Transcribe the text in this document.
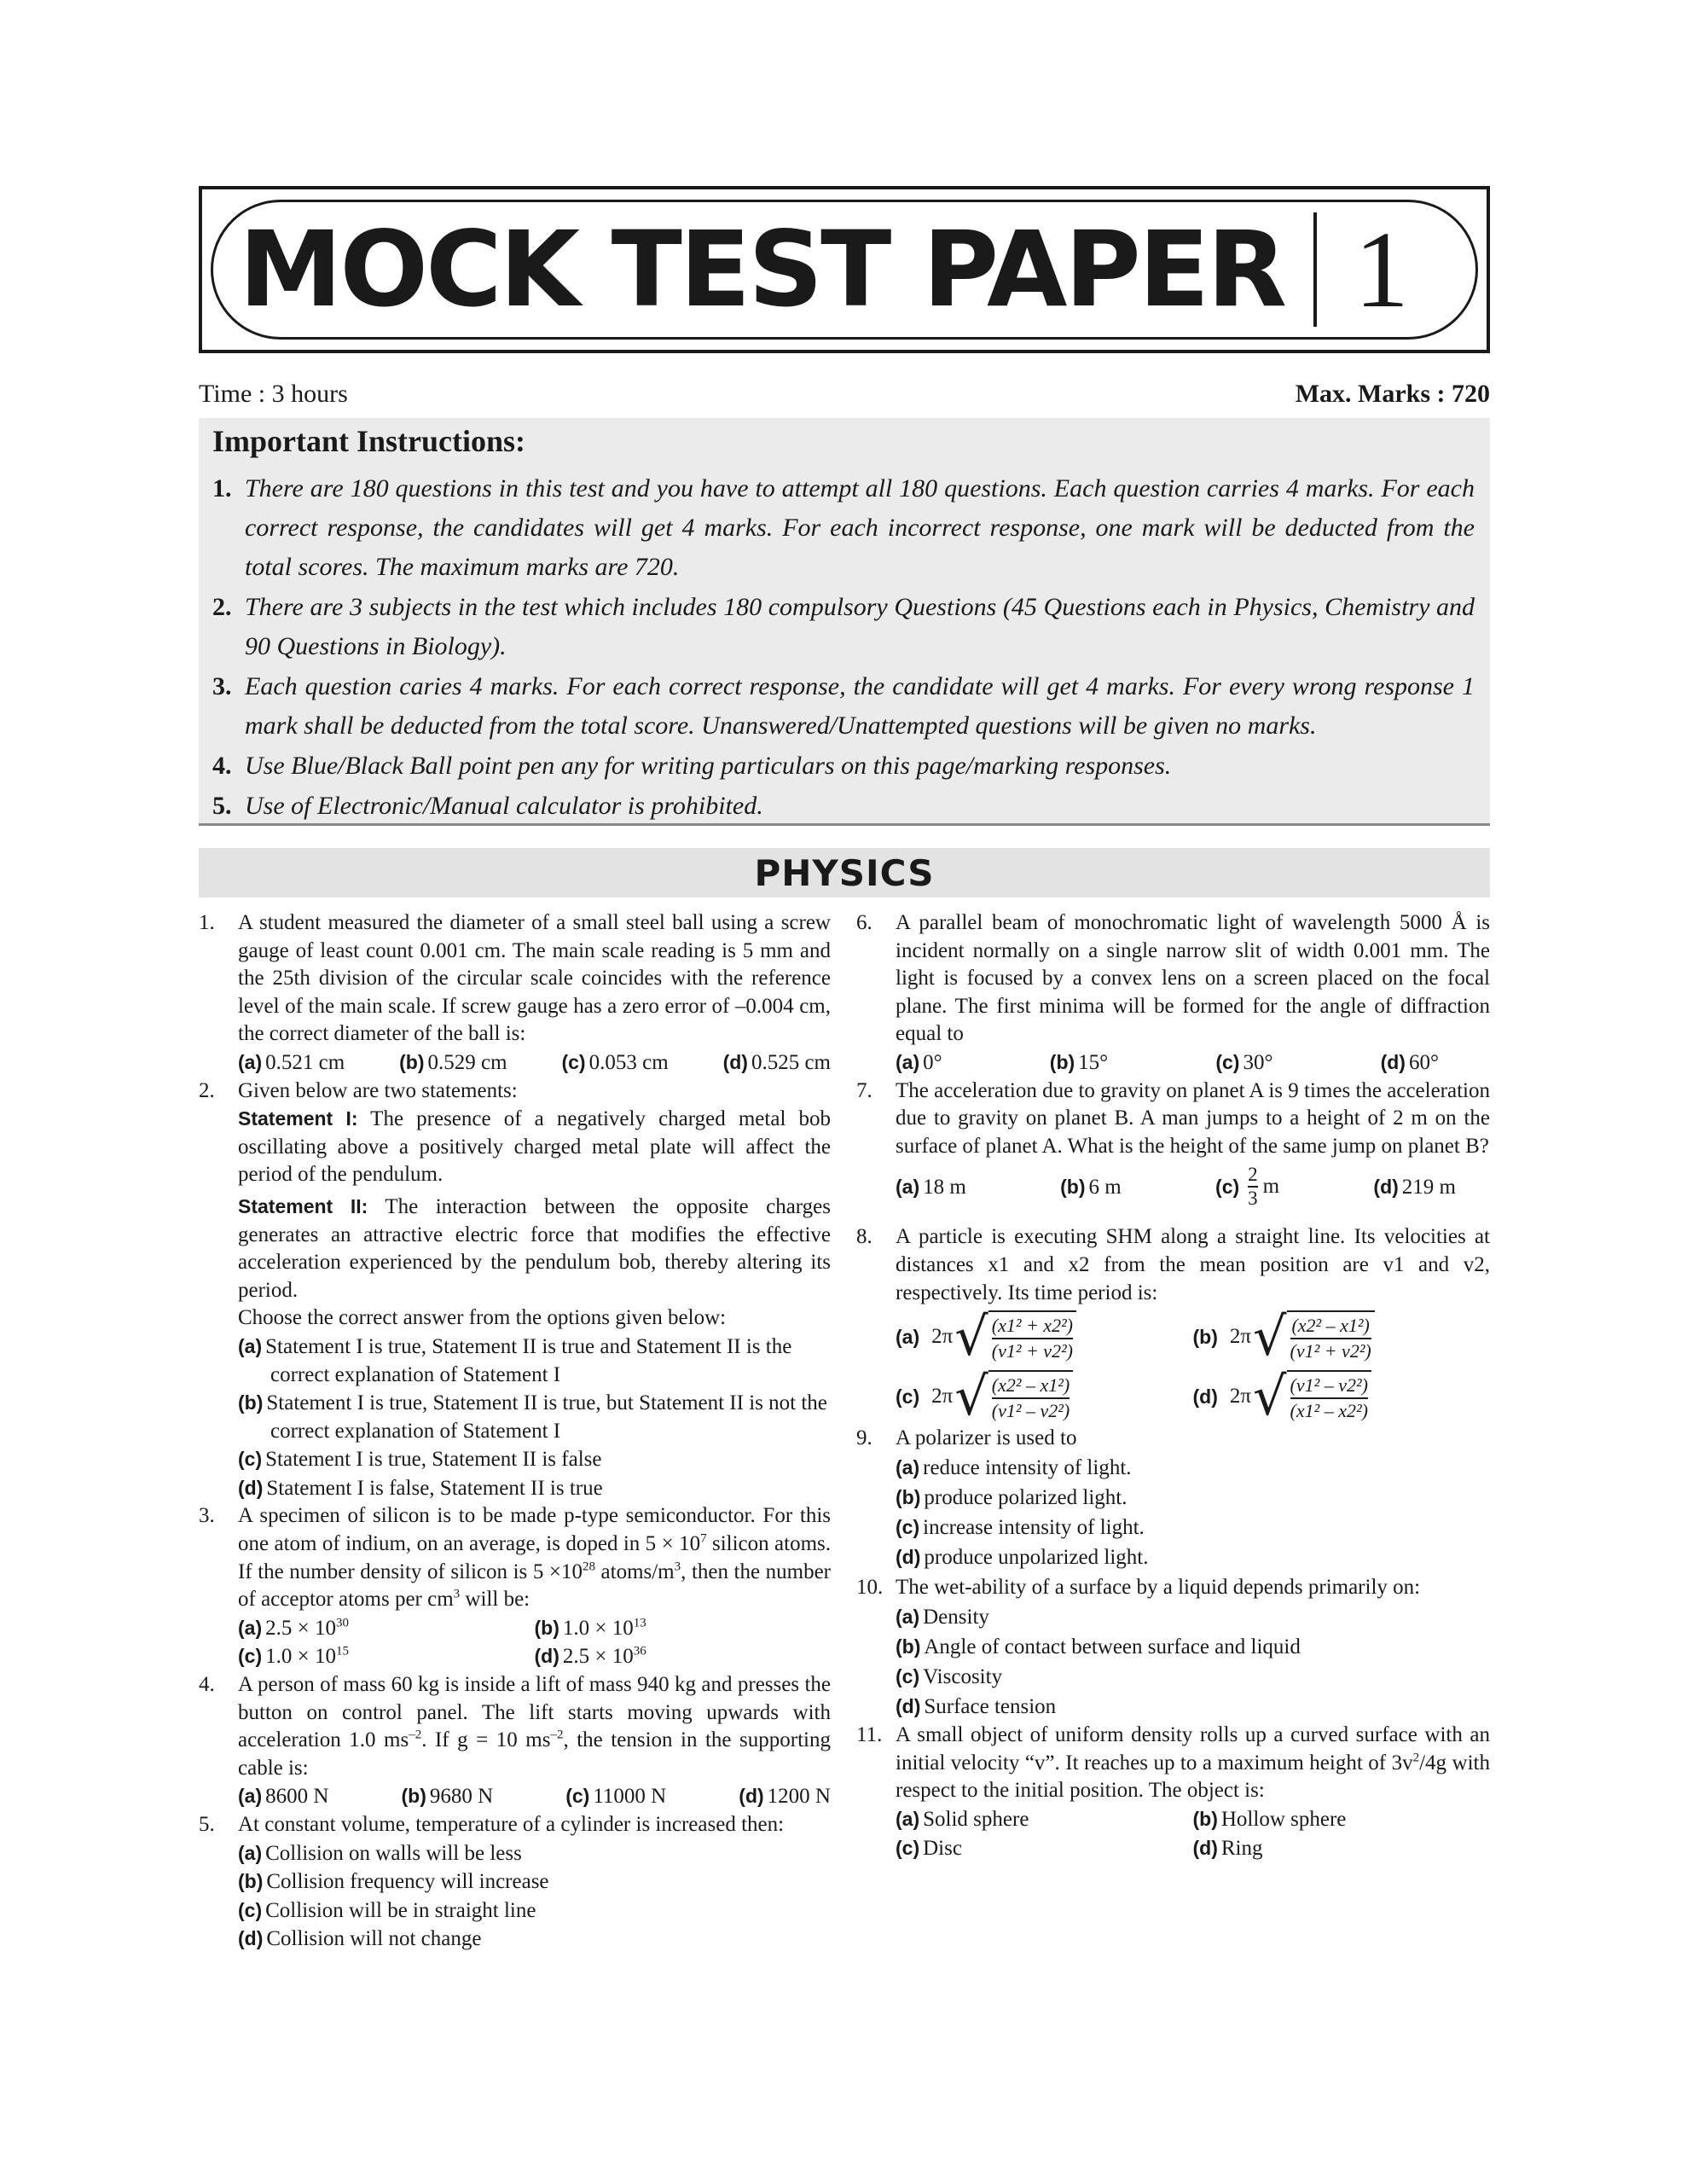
MOCK TEST PAPER 1
Time : 3 hours	Max. Marks : 720
Important Instructions:
1. There are 180 questions in this test and you have to attempt all 180 questions. Each question carries 4 marks. For each correct response, the candidates will get 4 marks. For each incorrect response, one mark will be deducted from the total scores. The maximum marks are 720.
2. There are 3 subjects in the test which includes 180 compulsory Questions (45 Questions each in Physics, Chemistry and 90 Questions in Biology).
3. Each question caries 4 marks. For each correct response, the candidate will get 4 marks. For every wrong response 1 mark shall be deducted from the total score. Unanswered/Unattempted questions will be given no marks.
4. Use Blue/Black Ball point pen any for writing particulars on this page/marking responses.
5. Use of Electronic/Manual calculator is prohibited.
PHYSICS
1. A student measured the diameter of a small steel ball using a screw gauge of least count 0.001 cm. The main scale reading is 5 mm and the 25th division of the circular scale coincides with the reference level of the main scale. If screw gauge has a zero error of –0.004 cm, the correct diameter of the ball is:
(a) 0.521 cm	(b) 0.529 cm	(c) 0.053 cm	(d) 0.525 cm
2. Given below are two statements:
Statement I: The presence of a negatively charged metal bob oscillating above a positively charged metal plate will affect the period of the pendulum.
Statement II: The interaction between the opposite charges generates an attractive electric force that modifies the effective acceleration experienced by the pendulum bob, thereby altering its period.
Choose the correct answer from the options given below:
(a) Statement I is true, Statement II is true and Statement II is the correct explanation of Statement I
(b) Statement I is true, Statement II is true, but Statement II is not the correct explanation of Statement I
(c) Statement I is true, Statement II is false
(d) Statement I is false, Statement II is true
3. A specimen of silicon is to be made p-type semiconductor. For this one atom of indium, on an average, is doped in $5 \times 10^7$ silicon atoms. If the number density of silicon is $5 \times 10^{28}$ atoms/$m^3$, then the number of acceptor atoms per $cm^3$ will be:
(a) $2.5 \times 10^{30}$	(b) $1.0 \times 10^{13}$
(c) $1.0 \times 10^{15}$	(d) $2.5 \times 10^{36}$
4. A person of mass 60 kg is inside a lift of mass 940 kg and presses the button on control panel. The lift starts moving upwards with acceleration 1.0 $ms^{-2}$. If g = 10 $ms^{-2}$, the tension in the supporting cable is:
(a) 8600 N	(b) 9680 N	(c) 11000 N	(d) 1200 N
5. At constant volume, temperature of a cylinder is increased then:
(a) Collision on walls will be less
(b) Collision frequency will increase
(c) Collision will be in straight line
(d) Collision will not change
6. A parallel beam of monochromatic light of wavelength 5000 Å is incident normally on a single narrow slit of width 0.001 mm. The light is focused by a convex lens on a screen placed on the focal plane. The first minima will be formed for the angle of diffraction equal to
(a) 0°	(b) 15°	(c) 30°	(d) 60°
7. The acceleration due to gravity on planet A is 9 times the acceleration due to gravity on planet B. A man jumps to a height of 2 m on the surface of planet A. What is the height of the same jump on planet B?
(a) 18 m	(b) 6 m	$(c) \frac{2}{3}$ m	(d) 219 m
8. A particle is executing SHM along a straight line. Its velocities at distances x1 and x2 from the mean position are v1 and v2, respectively. Its time period is:
(a) 2π √ (x1² + x2²)
(v1² + v2²)
(b) 2π √ (x2² – x1²)
(v1² + v2²)
(c) 2π √ (x2² – x1²)
(v1² – v2²)
(d) 2π √ (v1² – v2²)
(x1² – x2²)
9. A polarizer is used to
(a) reduce intensity of light.
(b) produce polarized light.
(c) increase intensity of light.
(d) produce unpolarized light.
10. The wet-ability of a surface by a liquid depends primarily on:
(a) Density
(b) Angle of contact between surface and liquid
(c) Viscosity
(d) Surface tension
11. A small object of uniform density rolls up a curved surface with an initial velocity “v”. It reaches up to a maximum height of $3v^2/4g$ with respect to the initial position. The object is:
(a) Solid sphere	(b) Hollow sphere
(c) Disc	(d) Ring
